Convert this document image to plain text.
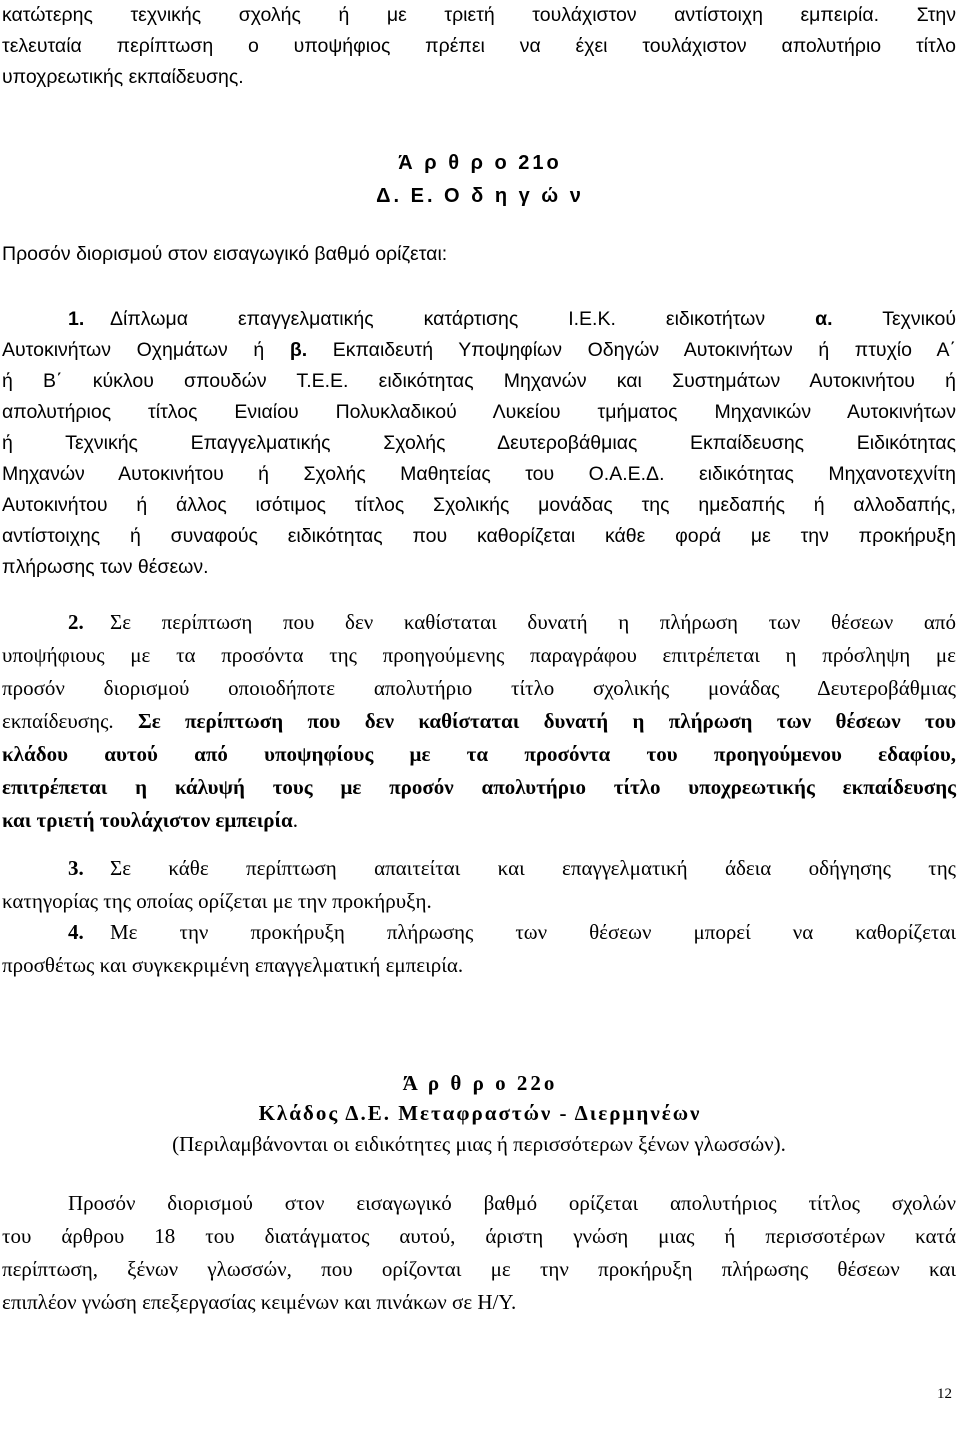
κατώτερης τεχνικής σχολής ή με τριετή τουλάχιστον αντίστοιχη εμπειρία. Στην
τελευταία περίπτωση ο υποψήφιος πρέπει να έχει τουλάχιστον απολυτήριο τίτλο
υποχρεωτικής εκπαίδευσης.
Ά ρ θ ρ ο 21ο
Δ. Ε. Ο δ η γ ώ ν
Προσόν διορισμού στον εισαγωγικό βαθμό ορίζεται:
1. Δίπλωμα επαγγελματικής κατάρτισης Ι.Ε.Κ. ειδικοτήτων α. Τεχνικού
Αυτοκινήτων Οχημάτων ή β. Εκπαιδευτή Υποψηφίων Οδηγών Αυτοκινήτων ή πτυχίο Α΄
ή Β΄ κύκλου σπουδών Τ.Ε.Ε. ειδικότητας Μηχανών και Συστημάτων Αυτοκινήτου ή
απολυτήριος τίτλος Ενιαίου Πολυκλαδικού Λυκείου τμήματος Μηχανικών Αυτοκινήτων
ή Τεχνικής Επαγγελματικής Σχολής Δευτεροβάθμιας Εκπαίδευσης Ειδικότητας
Μηχανών Αυτοκινήτου ή Σχολής Μαθητείας του Ο.Α.Ε.Δ. ειδικότητας Μηχανοτεχνίτη
Αυτοκινήτου ή άλλος ισότιμος τίτλος Σχολικής μονάδας της ημεδαπής ή αλλοδαπής,
αντίστοιχης ή συναφούς ειδικότητας που καθορίζεται κάθε φορά με την προκήρυξη
πλήρωσης των θέσεων.
2. Σε περίπτωση που δεν καθίσταται δυνατή η πλήρωση των θέσεων από
υποψήφιους με τα προσόντα της προηγούμενης παραγράφου επιτρέπεται η πρόσληψη με
προσόν διορισμού οποιοδήποτε απολυτήριο τίτλο σχολικής μονάδας Δευτεροβάθμιας
εκπαίδευσης. Σε περίπτωση που δεν καθίσταται δυνατή η πλήρωση των θέσεων του
κλάδου αυτού από υποψηφίους με τα προσόντα του προηγούμενου εδαφίου,
επιτρέπεται η κάλυψή τους με προσόν απολυτήριο τίτλο υποχρεωτικής εκπαίδευσης
και τριετή τουλάχιστον εμπειρία.
3. Σε κάθε περίπτωση απαιτείται και επαγγελματική άδεια οδήγησης της
κατηγορίας της οποίας ορίζεται με την προκήρυξη.
4. Με την προκήρυξη πλήρωσης των θέσεων μπορεί να καθορίζεται
προσθέτως και συγκεκριμένη επαγγελματική εμπειρία.
Ά ρ θ ρ ο 22ο
Κλάδος Δ.Ε. Μεταφραστών - Διερμηνέων
(Περιλαμβάνονται οι ειδικότητες μιας ή περισσότερων ξένων γλωσσών).
Προσόν διορισμού στον εισαγωγικό βαθμό ορίζεται απολυτήριος τίτλος σχολών
του άρθρου 18 του διατάγματος αυτού, άριστη γνώση μιας ή περισσοτέρων κατά
περίπτωση, ξένων γλωσσών, που ορίζονται με την προκήρυξη πλήρωσης θέσεων και
επιπλέον γνώση επεξεργασίας κειμένων και πινάκων σε Η/Υ.
12
